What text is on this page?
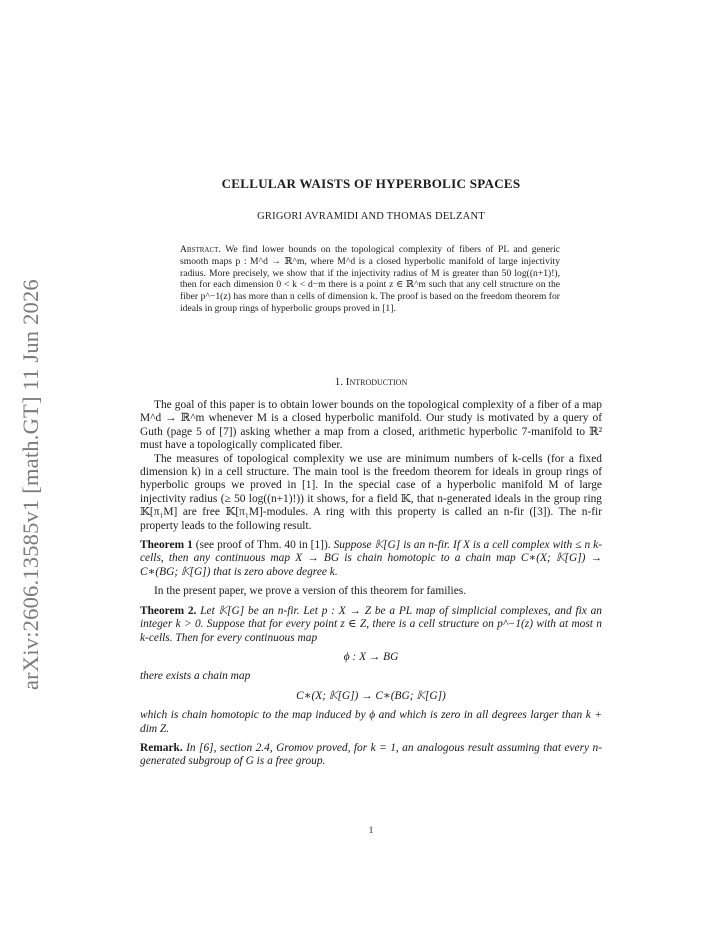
arXiv:2606.13585v1 [math.GT] 11 Jun 2026
CELLULAR WAISTS OF HYPERBOLIC SPACES
GRIGORI AVRAMIDI AND THOMAS DELZANT
Abstract. We find lower bounds on the topological complexity of fibers of PL and generic smooth maps p : M^d → ℝ^m, where M^d is a closed hyperbolic manifold of large injectivity radius. More precisely, we show that if the injectivity radius of M is greater than 50 log((n+1)!), then for each dimension 0 < k < d−m there is a point z ∈ ℝ^m such that any cell structure on the fiber p^−1(z) has more than n cells of dimension k. The proof is based on the freedom theorem for ideals in group rings of hyperbolic groups proved in [1].
1. Introduction

The goal of this paper is to obtain lower bounds on the topological complexity of a fiber of a map M^d → ℝ^m whenever M is a closed hyperbolic manifold. Our study is motivated by a query of Guth (page 5 of [7]) asking whether a map from a closed, arithmetic hyperbolic 7-manifold to ℝ² must have a topologically complicated fiber.

The measures of topological complexity we use are minimum numbers of k-cells (for a fixed dimension k) in a cell structure. The main tool is the freedom theorem for ideals in group rings of hyperbolic groups we proved in [1]. In the special case of a hyperbolic manifold M of large injectivity radius (≥ 50 log((n+1)!)) it shows, for a field 𝕂, that n-generated ideals in the group ring 𝕂[π₁M] are free 𝕂[π₁M]-modules. A ring with this property is called an n-fir ([3]). The n-fir property leads to the following result.

Theorem 1 (see proof of Thm. 40 in [1]). Suppose 𝕂[G] is an n-fir. If X is a cell complex with ≤ n k-cells, then any continuous map X → BG is chain homotopic to a chain map C∗(X; 𝕂[G]) → C∗(BG; 𝕂[G]) that is zero above degree k.

In the present paper, we prove a version of this theorem for families.

Theorem 2. Let 𝕂[G] be an n-fir. Let p : X → Z be a PL map of simplicial complexes, and fix an integer k > 0. Suppose that for every point z ∈ Z, there is a cell structure on p^−1(z) with at most n k-cells. Then for every continuous map

ϕ : X → BG

there exists a chain map

C∗(X; 𝕂[G]) → C∗(BG; 𝕂[G])

which is chain homotopic to the map induced by ϕ and which is zero in all degrees larger than k + dim Z.

Remark. In [6], section 2.4, Gromov proved, for k = 1, an analogous result assuming that every n-generated subgroup of G is a free group.

1
